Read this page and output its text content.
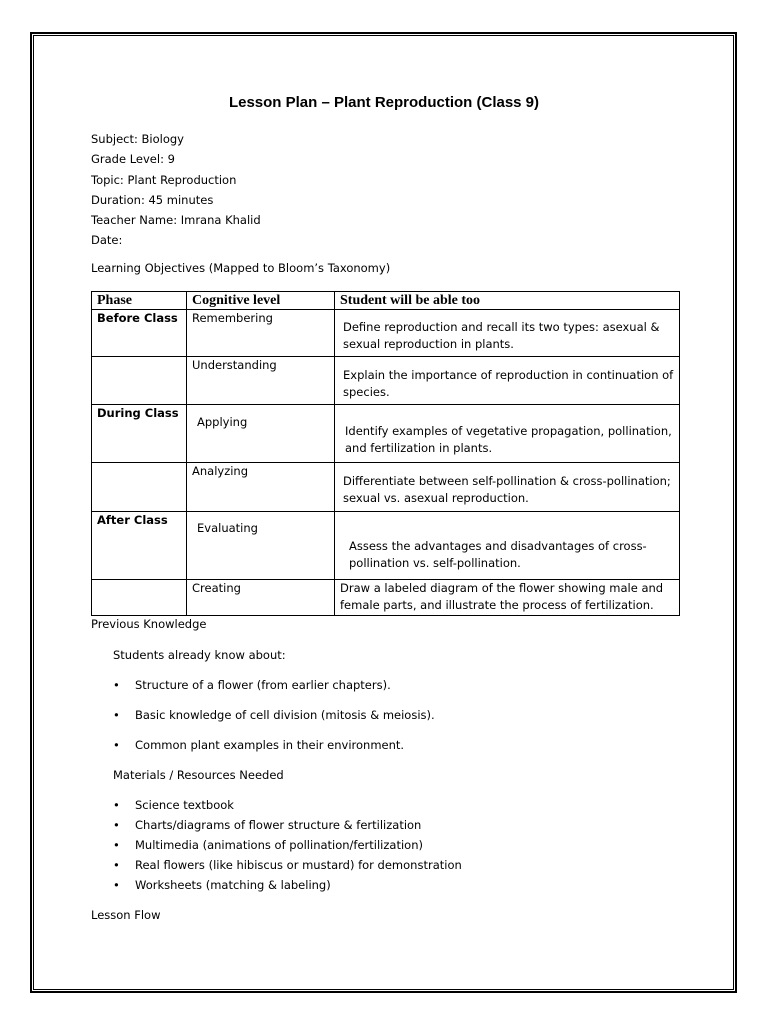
Lesson Plan – Plant Reproduction (Class 9)
Subject: Biology
Grade Level: 9
Topic: Plant Reproduction
Duration: 45 minutes
Teacher Name: Imrana Khalid
Date:
Learning Objectives (Mapped to Bloom’s Taxonomy)
Phase	Cognitive level	Student will be able too
Before Class	Remembering	Define reproduction and recall its two types: asexual & sexual reproduction in plants.
	Understanding	Explain the importance of reproduction in continuation of species.
During Class	Applying	Identify examples of vegetative propagation, pollination, and fertilization in plants.
	Analyzing	Differentiate between self-pollination & cross-pollination; sexual vs. asexual reproduction.
After Class	Evaluating	Assess the advantages and disadvantages of cross-pollination vs. self-pollination.
	Creating	Draw a labeled diagram of the flower showing male and female parts, and illustrate the process of fertilization.
Previous Knowledge
Students already know about:
• Structure of a flower (from earlier chapters).
• Basic knowledge of cell division (mitosis & meiosis).
• Common plant examples in their environment.
Materials / Resources Needed
• Science textbook
• Charts/diagrams of flower structure & fertilization
• Multimedia (animations of pollination/fertilization)
• Real flowers (like hibiscus or mustard) for demonstration
• Worksheets (matching & labeling)
Lesson Flow
